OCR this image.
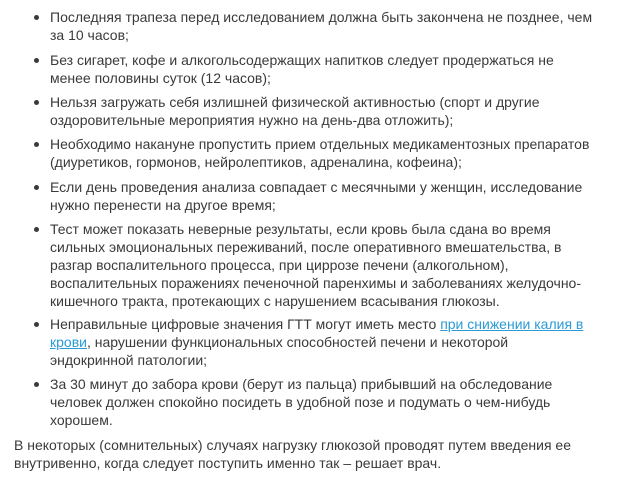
Последняя трапеза перед исследованием должна быть закончена не позднее, чем
за 10 часов;
Без сигарет, кофе и алкогольсодержащих напитков следует продержаться не
менее половины суток (12 часов);
Нельзя загружать себя излишней физической активностью (спорт и другие
оздоровительные мероприятия нужно на день-два отложить);
Необходимо накануне пропустить прием отдельных медикаментозных препаратов
(диуретиков, гормонов, нейролептиков, адреналина, кофеина);
Если день проведения анализа совпадает с месячными у женщин, исследование
нужно перенести на другое время;
Тест может показать неверные результаты, если кровь была сдана во время
сильных эмоциональных переживаний, после оперативного вмешательства, в
разгар воспалительного процесса, при циррозе печени (алкогольном),
воспалительных поражениях печеночной паренхимы и заболеваниях желудочно-
кишечного тракта, протекающих с нарушением всасывания глюкозы.
Неправильные цифровые значения ГТТ могут иметь место при снижении калия в
крови, нарушении функциональных способностей печени и некоторой
эндокринной патологии;
За 30 минут до забора крови (берут из пальца) прибывший на обследование
человек должен спокойно посидеть в удобной позе и подумать о чем-нибудь
хорошем.
В некоторых (сомнительных) случаях нагрузку глюкозой проводят путем введения ее
внутривенно, когда следует поступить именно так – решает врач.
